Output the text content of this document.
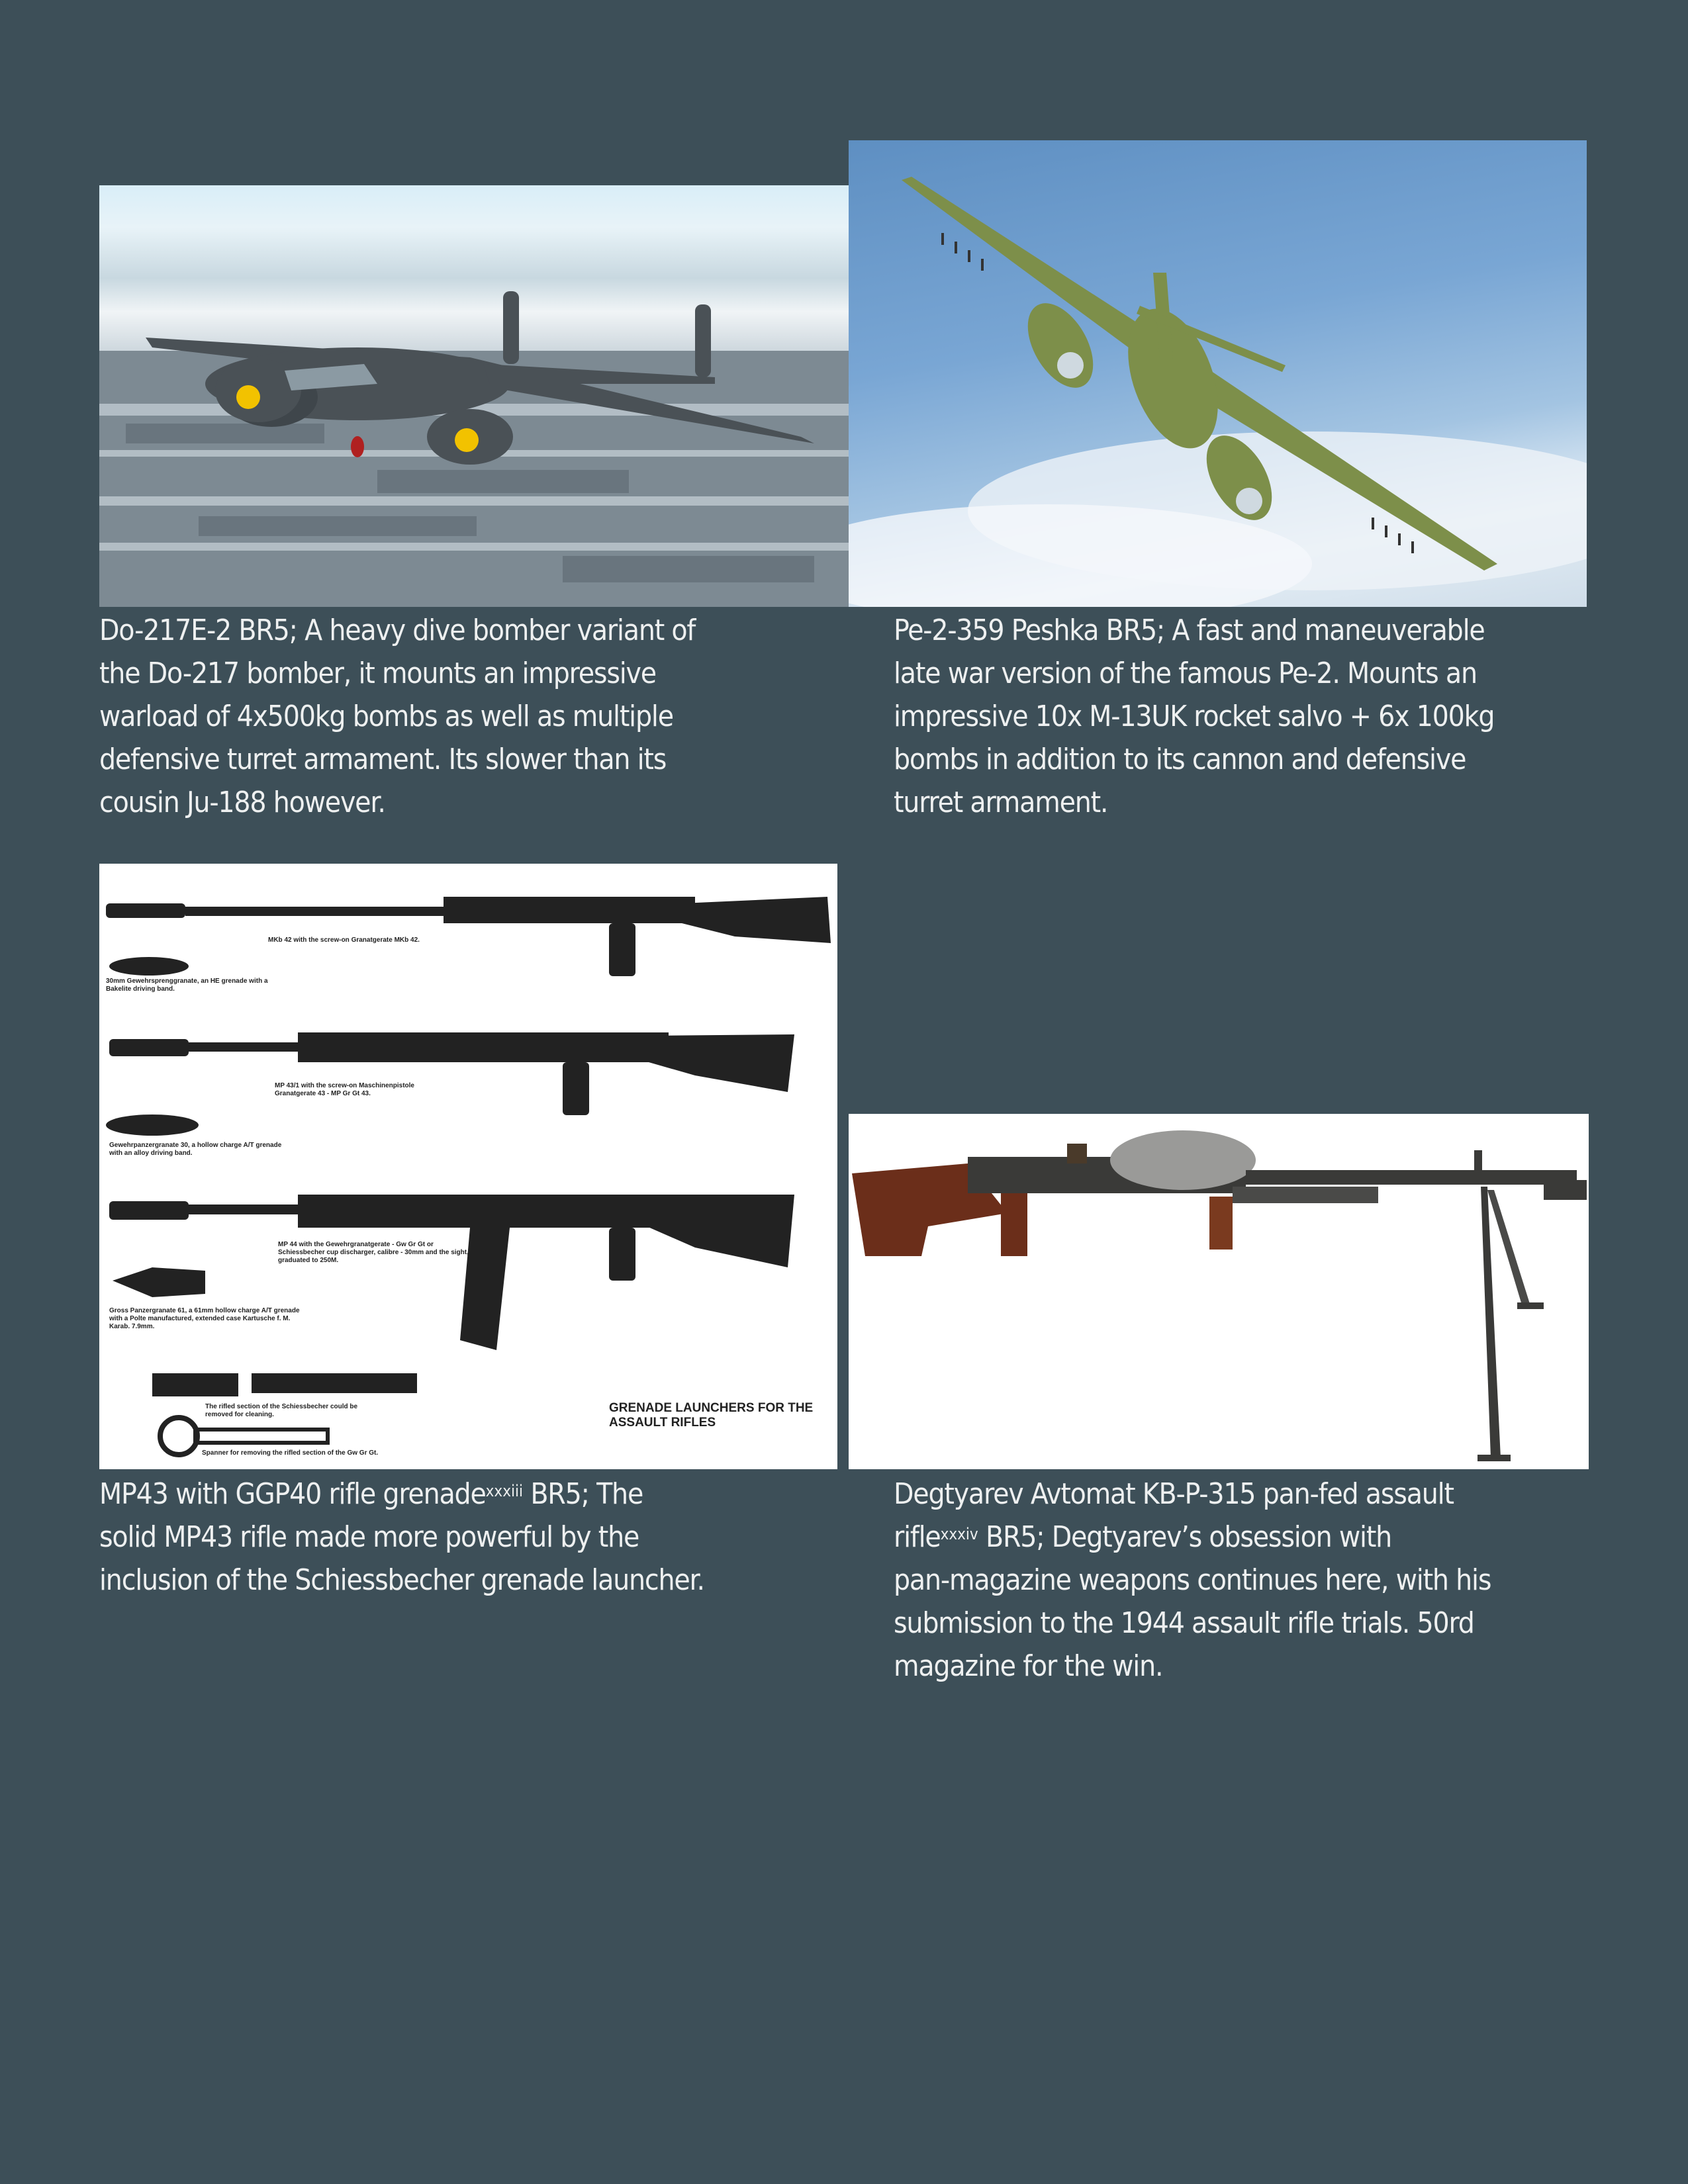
Do-217E-2 BR5; A heavy dive bomber variant of
the Do-217 bomber, it mounts an impressive
warload of 4x500kg bombs as well as multiple
defensive turret armament. Its slower than its
cousin Ju-188 however.
Pe-2-359 Peshka BR5; A fast and maneuverable
late war version of the famous Pe-2. Mounts an
impressive 10x M-13UK rocket salvo + 6x 100kg
bombs in addition to its cannon and defensive
turret armament.
MKb 42 with the screw-on Granatgerate MKb 42.
30mm Gewehrsprenggranate, an HE grenade with a Bakelite driving band.
MP 43/1 with the screw-on Maschinenpistole Granatgerate 43 - MP Gr Gt 43.
Gewehrpanzergranate 30, a hollow charge A/T grenade with an alloy driving band.
MP 44 with the Gewehrgranatgerate - Gw Gr Gt or Schiessbecher cup discharger, calibre - 30mm and the sight, graduated to 250M.
Gross Panzergranate 61, a 61mm hollow charge A/T grenade with a Polte manufactured, extended case Kartusche f. M. Karab. 7.9mm.
The rifled section of the Schiessbecher could be removed for cleaning.
Spanner for removing the rifled section of the Gw Gr Gt.
GRENADE LAUNCHERS FOR THE
ASSAULT RIFLES
MP43 with GGP40 rifle grenade$^{xxxiii}$ BR5; The
solid MP43 rifle made more powerful by the
inclusion of the Schiessbecher grenade launcher.
Degtyarev Avtomat KB-P-315 pan-fed assault
rifle$^{xxxiv}$ BR5; Degtyarev’s obsession with
pan-magazine weapons continues here, with his
submission to the 1944 assault rifle trials. 50rd
magazine for the win.
